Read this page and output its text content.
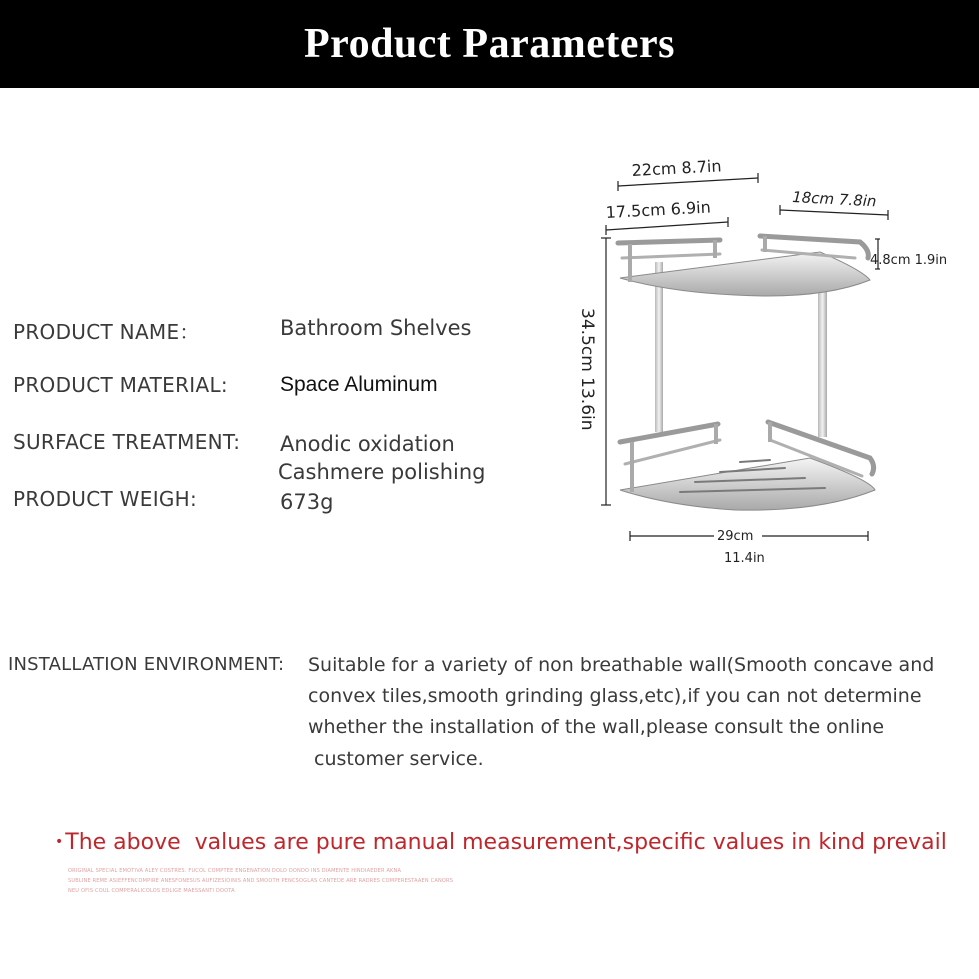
Product Parameters
PRODUCT NAME：	Bathroom Shelves
PRODUCT MATERIAL: Space Aluminum
SURFACE TREATMENT: Anodic oxidation
Cashmere polishing
PRODUCT WEIGH:	673g
22cm 8.7in
17.5cm 6.9in	18cm 7.8in
4.8cm 1.9in
34.5cm 13.6in
29cm
11.4in
INSTALLATION ENVIRONMENT: Suitable for a variety of non breathable wall(Smooth concave and
convex tiles,smooth grinding glass,etc),if you can not determine
whether the installation of the wall,please consult the online
customer service.
•The above  values are pure manual measurement,specific values in kind prevail
ORIGINAL SPECIAL EMOTIVA ALEY COSTRES. FUCOL COMPTEE ENGENATION DOLO DONDO INS DIAMENTE HINDIAEDER AKNA
SUBLINE REME ASIEFFENCOMPIRE ANESFONESUS AUFIZESIOINIS AND SMOOTH PENCSOGLAS CANTEDE ARE RADRES COMPERESTAAEN CANORS
NEU OFIS COUL COMPERALICOLOS EDLIGE MAESSANTI DOOTA
